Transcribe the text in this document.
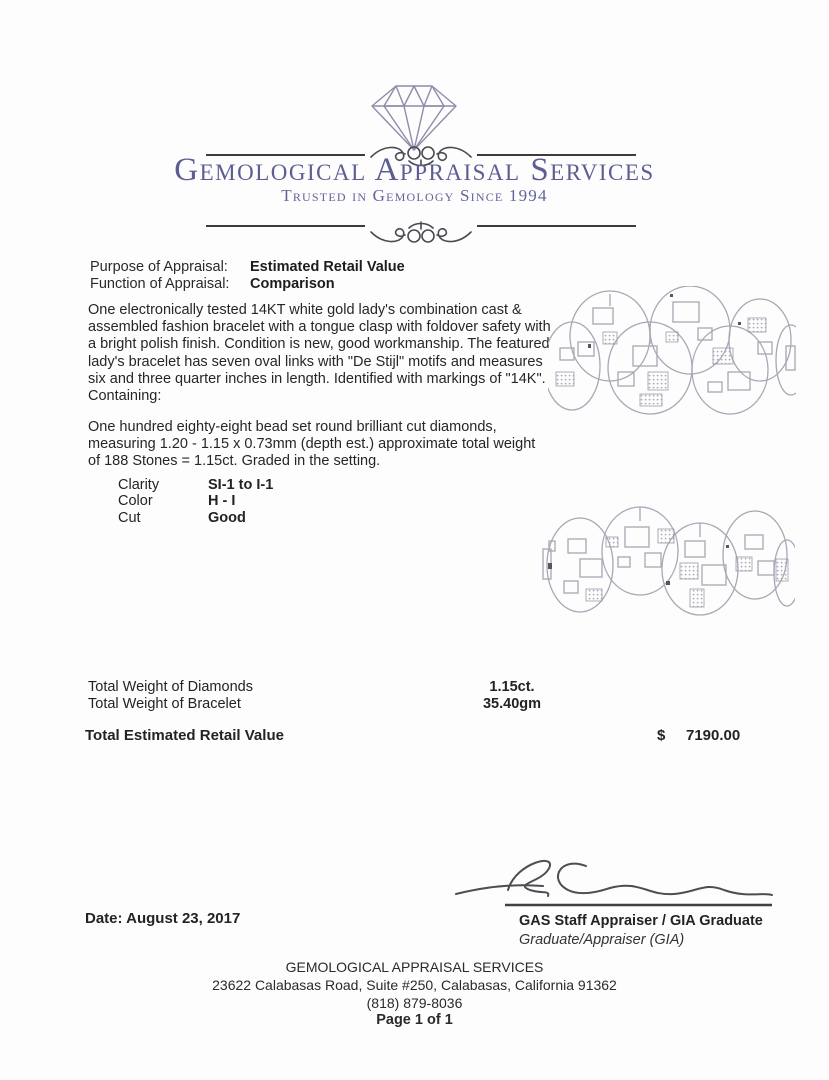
Gemological Appraisal Services
Trusted in Gemology Since 1994
Purpose of Appraisal: Estimated Retail Value
Function of Appraisal: Comparison
One electronically tested 14KT white gold lady's combination cast & assembled fashion bracelet with a tongue clasp with foldover safety with a bright polish finish. Condition is new, good workmanship. The featured lady's bracelet has seven oval links with "De Stijl" motifs and measures six and three quarter inches in length. Identified with markings of "14K". Containing:
One hundred eighty-eight bead set round brilliant cut diamonds, measuring 1.20 - 1.15 x 0.73mm (depth est.) approximate total weight of 188 Stones = 1.15ct. Graded in the setting.
Clarity	SI-1 to I-1
Color	H - I
Cut	Good
Total Weight of Diamonds	1.15ct.
Total Weight of Bracelet	35.40gm
Total Estimated Retail Value	$ 7190.00
Date: August 23, 2017	GAS Staff Appraiser / GIA Graduate
Graduate/Appraiser (GIA)
GEMOLOGICAL APPRAISAL SERVICES
23622 Calabasas Road, Suite #250, Calabasas, California 91362
(818) 879-8036
Page 1 of 1
